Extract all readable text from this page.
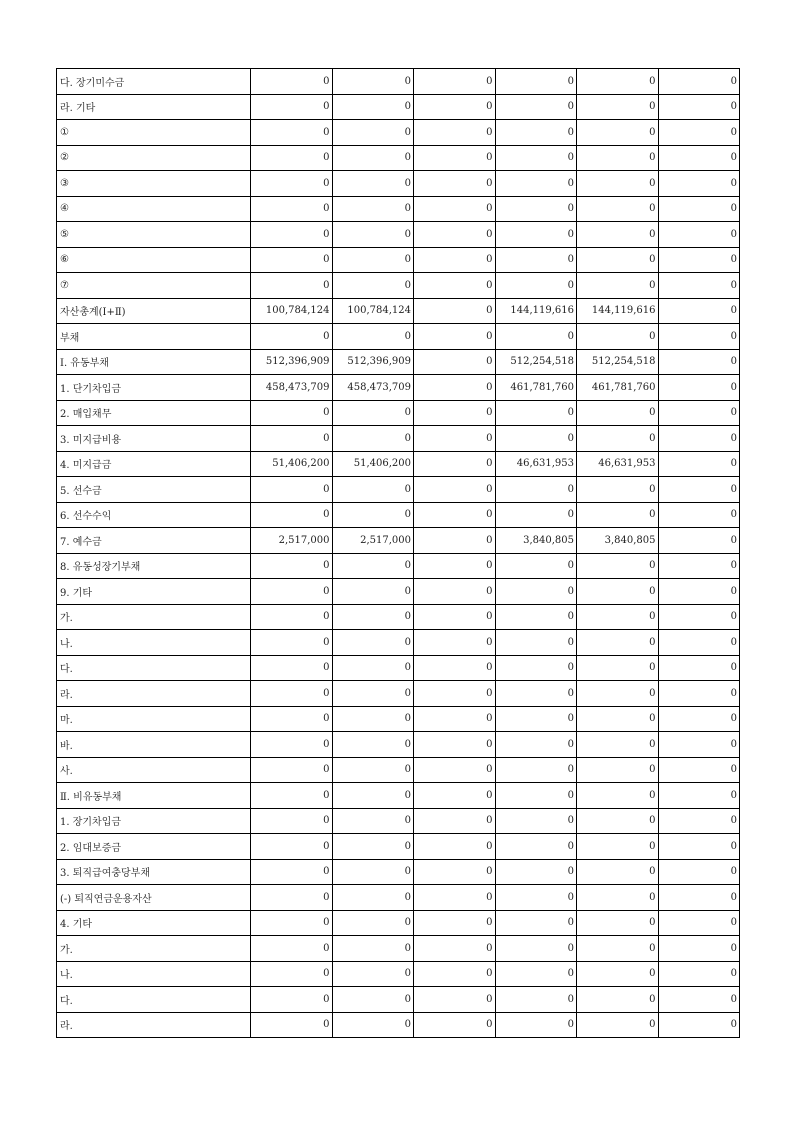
다. 장기미수금	0	0	0	0	0	0
라. 기타	0	0	0	0	0	0
①	0	0	0	0	0	0
②	0	0	0	0	0	0
③	0	0	0	0	0	0
④	0	0	0	0	0	0
⑤	0	0	0	0	0	0
⑥	0	0	0	0	0	0
⑦	0	0	0	0	0	0
자산총계(Ⅰ+Ⅱ)	100,784,124	100,784,124	0	144,119,616	144,119,616	0
부채	0	0	0	0	0	0
Ⅰ. 유동부채	512,396,909	512,396,909	0	512,254,518	512,254,518	0
1. 단기차입금	458,473,709	458,473,709	0	461,781,760	461,781,760	0
2. 매입채무	0	0	0	0	0	0
3. 미지급비용	0	0	0	0	0	0
4. 미지급금	51,406,200	51,406,200	0	46,631,953	46,631,953	0
5. 선수금	0	0	0	0	0	0
6. 선수수익	0	0	0	0	0	0
7. 예수금	2,517,000	2,517,000	0	3,840,805	3,840,805	0
8. 유동성장기부채	0	0	0	0	0	0
9. 기타	0	0	0	0	0	0
가.	0	0	0	0	0	0
나.	0	0	0	0	0	0
다.	0	0	0	0	0	0
라.	0	0	0	0	0	0
마.	0	0	0	0	0	0
바.	0	0	0	0	0	0
사.	0	0	0	0	0	0
Ⅱ. 비유동부채	0	0	0	0	0	0
1. 장기차입금	0	0	0	0	0	0
2. 임대보증금	0	0	0	0	0	0
3. 퇴직급여충당부채	0	0	0	0	0	0
(-) 퇴직연금운용자산	0	0	0	0	0	0
4. 기타	0	0	0	0	0	0
가.	0	0	0	0	0	0
나.	0	0	0	0	0	0
다.	0	0	0	0	0	0
라.	0	0	0	0	0	0
